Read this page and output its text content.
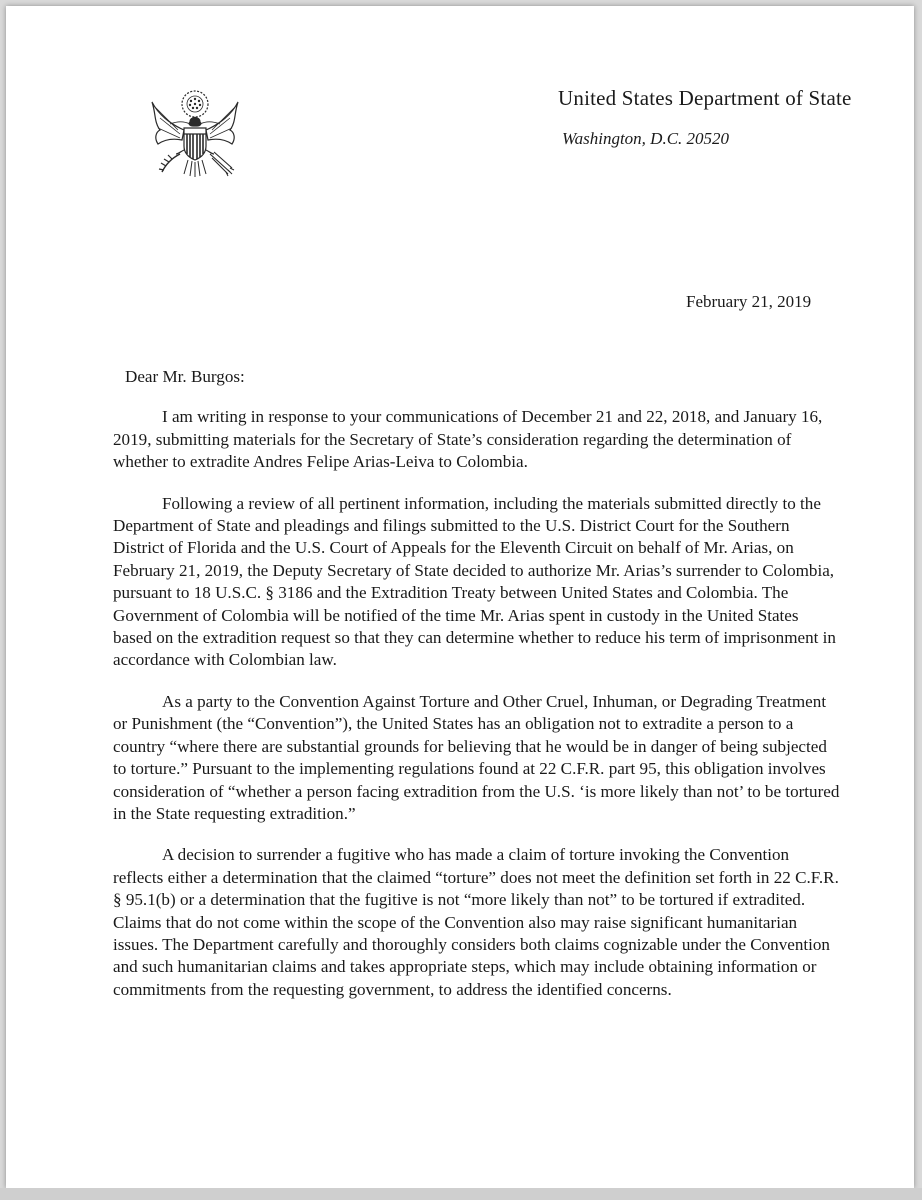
United States Department of State
Washington, D.C. 20520
February 21, 2019
Dear Mr. Burgos:

I am writing in response to your communications of December 21 and 22, 2018, and January 16, 2019, submitting materials for the Secretary of State’s consideration regarding the determination of whether to extradite Andres Felipe Arias-Leiva to Colombia.

Following a review of all pertinent information, including the materials submitted directly to the Department of State and pleadings and filings submitted to the U.S. District Court for the Southern District of Florida and the U.S. Court of Appeals for the Eleventh Circuit on behalf of Mr. Arias, on February 21, 2019, the Deputy Secretary of State decided to authorize Mr. Arias’s surrender to Colombia, pursuant to 18 U.S.C. § 3186 and the Extradition Treaty between United States and Colombia. The Government of Colombia will be notified of the time Mr. Arias spent in custody in the United States based on the extradition request so that they can determine whether to reduce his term of imprisonment in accordance with Colombian law.

As a party to the Convention Against Torture and Other Cruel, Inhuman, or Degrading Treatment or Punishment (the “Convention”), the United States has an obligation not to extradite a person to a country “where there are substantial grounds for believing that he would be in danger of being subjected to torture.” Pursuant to the implementing regulations found at 22 C.F.R. part 95, this obligation involves consideration of “whether a person facing extradition from the U.S. ‘is more likely than not’ to be tortured in the State requesting extradition.”

A decision to surrender a fugitive who has made a claim of torture invoking the Convention reflects either a determination that the claimed “torture” does not meet the definition set forth in 22 C.F.R. § 95.1(b) or a determination that the fugitive is not “more likely than not” to be tortured if extradited. Claims that do not come within the scope of the Convention also may raise significant humanitarian issues. The Department carefully and thoroughly considers both claims cognizable under the Convention and such humanitarian claims and takes appropriate steps, which may include obtaining information or commitments from the requesting government, to address the identified concerns.
